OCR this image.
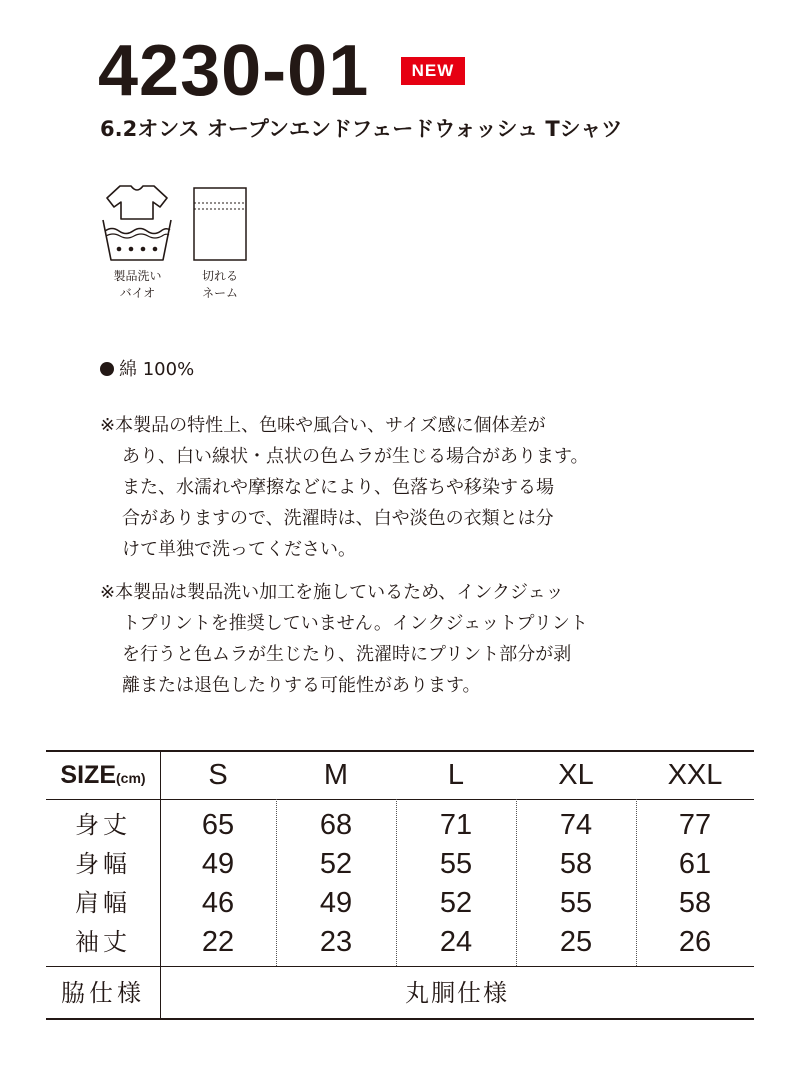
4230-01	NEW
6.2オンス オープンエンドフェードウォッシュ Tシャツ
製品洗い
バイオ
切れる
ネーム
綿 100%
※本製品の特性上、色味や風合い、サイズ感に個体差が
あり、白い線状・点状の色ムラが生じる場合があります。
また、水濡れや摩擦などにより、色落ちや移染する場
合がありますので、洗濯時は、白や淡色の衣類とは分
けて単独で洗ってください。
※本製品は製品洗い加工を施しているため、インクジェッ
トプリントを推奨していません。インクジェットプリント
を行うと色ムラが生じたり、洗濯時にプリント部分が剥
離または退色したりする可能性があります。
SIZE(cm)	S	M	L	XL	XXL
身丈	65	68	71	74	77
身幅	49	52	55	58	61
肩幅	46	49	52	55	58
袖丈	22	23	24	25	26
脇仕様	丸胴仕様
